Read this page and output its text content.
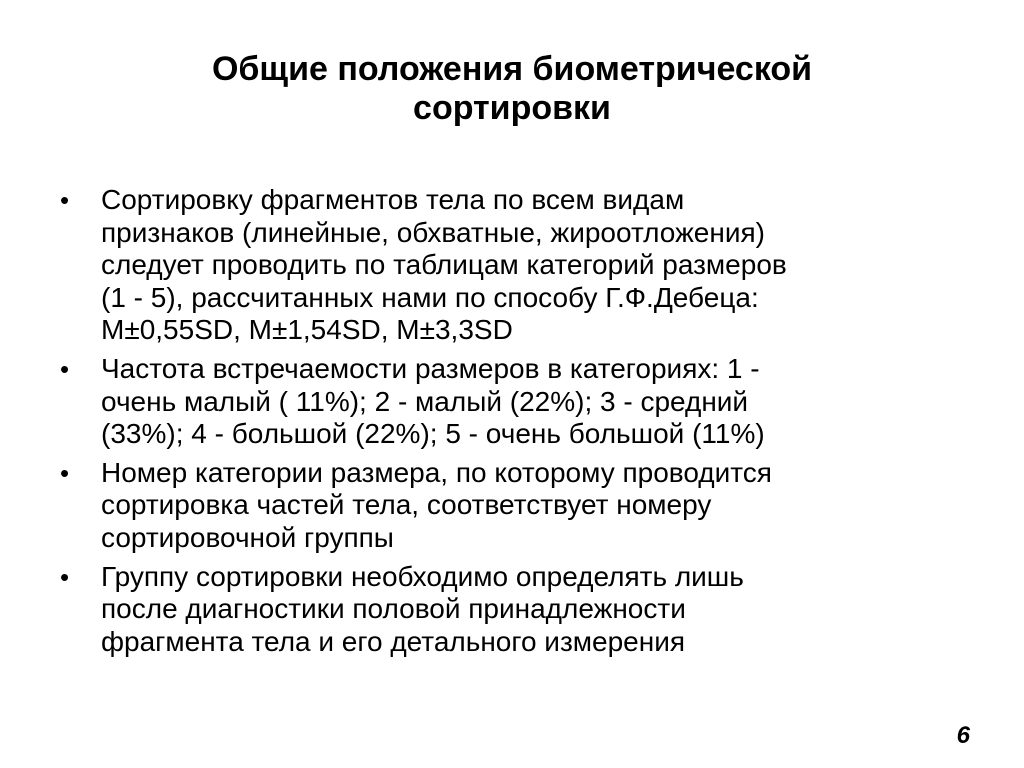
Общие положения биометрической
сортировки
•	Сортировку фрагментов тела по всем видам
признаков (линейные, обхватные, жироотложения)
следует проводить по таблицам категорий размеров
(1 - 5), рассчитанных нами по способу Г.Ф.Дебеца:
М±0,55SD, M±1,54SD, M±3,3SD
•	Частота встречаемости размеров в категориях: 1 -
очень малый ( 11%); 2 - малый (22%); 3 - средний
(33%); 4 - большой (22%); 5 - очень большой (11%)
•	Номер категории размера, по которому проводится
сортировка частей тела, соответствует номеру
сортировочной группы
•	Группу сортировки необходимо определять лишь
после диагностики половой принадлежности
фрагмента тела и его детального измерения
6
